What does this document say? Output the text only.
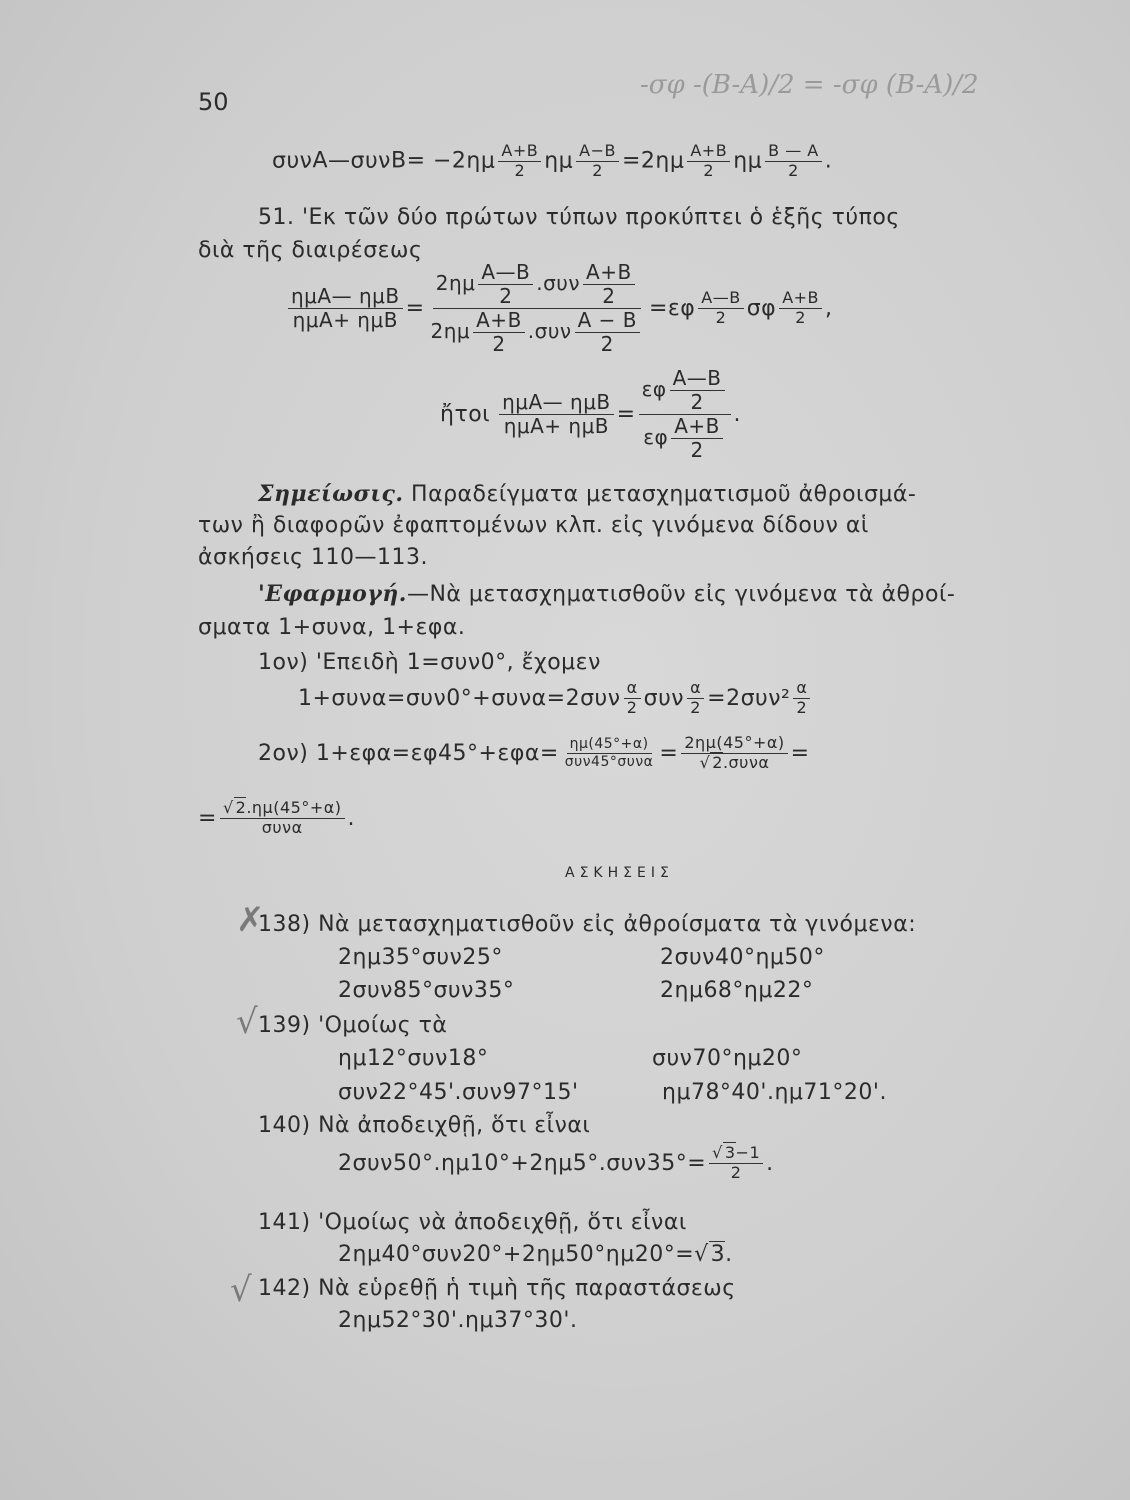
50
-σφ -(B-A)/2 = -σφ (B-A)/2
συνΑ—συνΒ= $-2\eta\mu \frac{A+B}{2}$ ημ $\frac{A-B}{2} =2\eta\mu \frac{A+B}{2}$ ημ $\frac{B — A}{2}$ .
51. 'Εκ τῶν δύο πρώτων τύπων προκύπτει ὁ ἑξῆς τύπος
διὰ τῆς διαιρέσεως
$\frac{\text{ημΑ— ημΒ}}{\text{ημΑ+ ημΒ}} = \frac{2\eta\mu \frac{A—B}{2} .\sigma\upsilon\nu \frac{A+B}{2}}{2\eta\mu \frac{A+B}{2} .\sigma\upsilon\nu \frac{A - B}{2}} =\varepsilon\varphi \frac{A—B}{2}$ σφ $\frac{A+B}{2}$ ,
ἤτοι $\frac{\text{ημΑ— ημΒ}}{\text{ημΑ+ ημΒ}} = \frac{\varepsilon\varphi \frac{A—B}{2}}{\varepsilon\varphi \frac{A+B}{2}}$ .
Σημείωσις. Παραδείγματα μετασχηματισμοῦ ἀθροισμά-
των ἢ διαφορῶν ἐφαπτομένων κλπ. εἰς γινόμενα δίδουν αἱ
ἀσκήσεις 110—113.
'Εφαρμογή.—Νὰ μετασχηματισθοῦν εἰς γινόμενα τὰ ἀθροί-
σματα 1+συνα, 1+εφα.
1ον) 'Επειδὴ 1=συν0°, ἔχομεν
$1+\sigma\upsilon\nu\alpha=\sigma\upsilon\nu 0^\circ+\sigma\upsilon\nu\alpha=2\sigma\upsilon\nu \frac{\alpha}{2}$ συν $\frac{\alpha}{2} =2\sigma\upsilon\nu^2 \frac{\alpha}{2}$
2ον) $1+\varepsilon\varphi\alpha=\varepsilon\varphi 45^\circ+\varepsilon\varphi\alpha= \frac{\eta\mu(45^\circ+\alpha)}{\text{συν45°συνα}} = 2\eta\mu(45^\circ+\alpha)$
√ 2.συνα =
= √ $\frac{2.\eta\mu(45^\circ+\alpha)}{\text{συνα}}$ .
ΑΣΚΗΣΕΙΣ
✗
138) Νὰ μετασχηματισθοῦν εἰς ἀθροίσματα τὰ γινόμενα:
2ημ35°συν25°	2συν40°ημ50°
2συν85°συν35°	2ημ68°ημ22°
√ 139) 'Ομοίως τὰ
ημ12°συν18°	συν70°ημ20°
συν22°45'.συν97°15'	ημ78°40'.ημ71°20'.
140) Νὰ ἀποδειχθῇ, ὅτι εἶναι
2συν50°.ημ10°+2ημ5°.συν35°= √ $\frac{3-1}{2}$ .
141) 'Ομοίως νὰ ἀποδειχθῇ, ὅτι εἶναι
2ημ40°συν20°+2ημ50°ημ20°= √ 3.
√ 142) Νὰ εὑρεθῇ ἡ τιμὴ τῆς παραστάσεως
2ημ52°30'.ημ37°30'.
